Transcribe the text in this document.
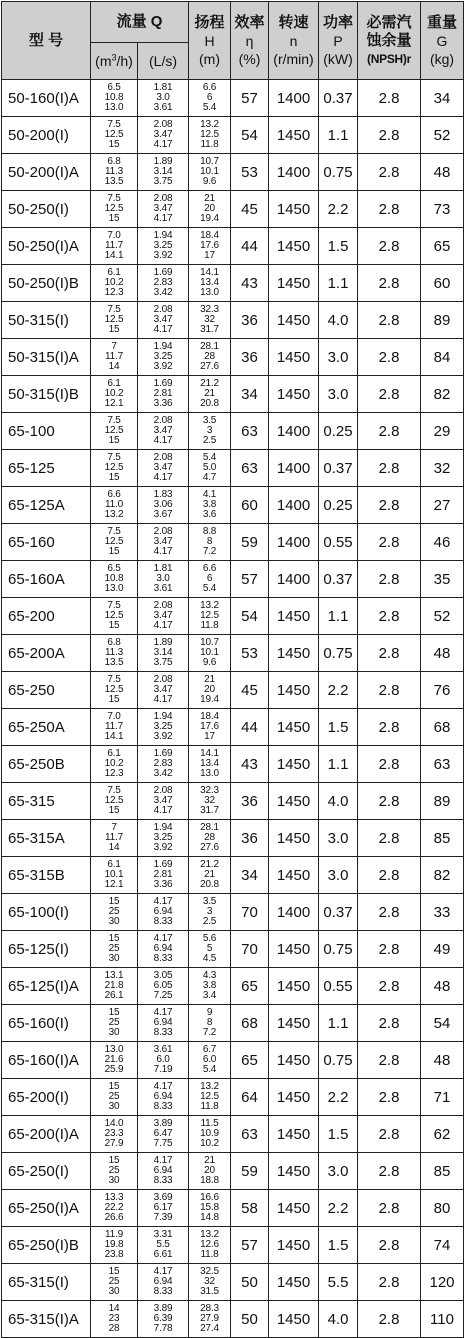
型 号	流量 Q		扬程
H
(m)	效率
η
(%)	转速
n
(r/min)	功率
P
(kW)	必需汽
蚀余量
(NPSH)r	重量
G
(kg)

	$(m^3/h)$	(L/s)						
50-160(I)A	6.5
10.8
13.0	1.81
3.0
3.61	6.6
6
5.4	57	1400	0.37	2.8	34
50-200(I)	7.5
12.5
15	2.08
3.47
4.17	13.2
12.5
11.8	54	1450	1.1	2.8	52
50-200(I)A	6.8
11.3
13.5	1.89
3.14
3.75	10.7
10.1
9.6	53	1400	0.75	2.8	48
50-250(I)	7.5
12.5
15	2.08
3.47
4.17	21
20
19.4	45	1450	2.2	2.8	73
50-250(I)A	7.0
11.7
14.1	1.94
3.25
3.92	18.4
17.6
17	44	1450	1.5	2.8	65
50-250(I)B	6.1
10.2
12.3	1.69
2.83
3.42	14.1
13.4
13.0	43	1450	1.1	2.8	60
50-315(I)	7.5
12.5
15	2.08
3.47
4.17	32.3
32
31.7	36	1450	4.0	2.8	89
50-315(I)A	7
11.7
14	1.94
3.25
3.92	28.1
28
27.6	36	1450	3.0	2.8	84
50-315(I)B	6.1
10.2
12.1	1.69
2.81
3.36	21.2
21
20.8	34	1450	3.0	2.8	82
65-100	7.5
12.5
15	2.08
3.47
4.17	3.5
3
2.5	63	1400	0.25	2.8	29
65-125	7.5
12.5
15	2.08
3.47
4.17	5.4
5.0
4.7	63	1400	0.37	2.8	32
65-125A	6.6
11.0
13.2	1.83
3.06
3.67	4.1
3.8
3.6	60	1400	0.25	2.8	27
65-160	7.5
12.5
15	2.08
3.47
4.17	8.8
8
7.2	59	1400	0.55	2.8	46
65-160A	6.5
10.8
13.0	1.81
3.0
3.61	6.6
6
5.4	57	1400	0.37	2.8	35
65-200	7.5
12.5
15	2.08
3.47
4.17	13.2
12.5
11.8	54	1450	1.1	2.8	52
65-200A	6.8
11.3
13.5	1.89
3.14
3.75	10.7
10.1
9.6	53	1450	0.75	2.8	48
65-250	7.5
12.5
15	2.08
3.47
4.17	21
20
19.4	45	1450	2.2	2.8	76
65-250A	7.0
11.7
14.1	1.94
3.25
3.92	18.4
17.6
17	44	1450	1.5	2.8	68
65-250B	6.1
10.2
12.3	1.69
2.83
3.42	14.1
13.4
13.0	43	1450	1.1	2.8	63
65-315	7.5
12.5
15	2.08
3.47
4.17	32.3
32
31.7	36	1450	4.0	2.8	89
65-315A	7
11.7
14	1.94
3.25
3.92	28.1
28
27.6	36	1450	3.0	2.8	85
65-315B	6.1
10.1
12.1	1.69
2.81
3.36	21.2
21
20.8	34	1450	3.0	2.8	82
65-100(I)	15
25
30	4.17
6.94
8.33	3.5
3
2.5	70	1400	0.37	2.8	33
65-125(I)	15
25
30	4.17
6.94
8.33	5.6
5
4.5	70	1450	0.75	2.8	49
65-125(I)A	13.1
21.8
26.1	3.05
6.05
7.25	4.3
3.8
3.4	65	1450	0.55	2.8	48
65-160(I)	15
25
30	4.17
6.94
8.33	9
8
7.2	68	1450	1.1	2.8	54
65-160(I)A	13.0
21.6
25.9	3.61
6.0
7.19	6.7
6.0
5.4	65	1450	0.75	2.8	48
65-200(I)	15
25
30	4.17
6.94
8.33	13.2
12.5
11.8	64	1450	2.2	2.8	71
65-200(I)A	14.0
23.3
27.9	3.89
6.47
7.75	11.5
10.9
10.2	63	1450	1.5	2.8	62
65-250(I)	15
25
30	4.17
6.94
8.33	21
20
18.8	59	1450	3.0	2.8	85
65-250(I)A	13.3
22.2
26.6	3.69
6.17
7.39	16.6
15.8
14.8	58	1450	2.2	2.8	80
65-250(I)B	11.9
19.8
23.8	3.31
5.5
6.61	13.2
12.6
11.8	57	1450	1.5	2.8	74
65-315(I)	15
25
30	4.17
6.94
8.33	32.5
32
31.5	50	1450	5.5	2.8	120
65-315(I)A	14
23
28	3.89
6.39
7.78	28.3
27.9
27.4	50	1450	4.0	2.8	110
